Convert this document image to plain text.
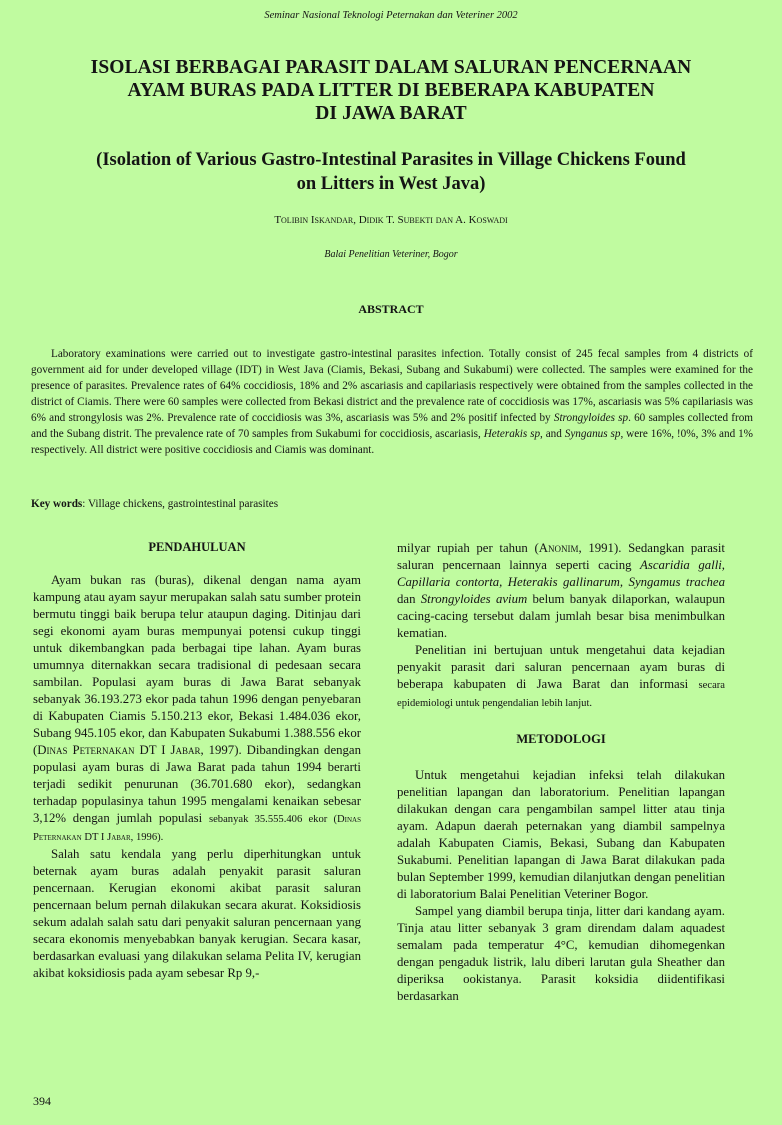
Seminar Nasional Teknologi Peternakan dan Veteriner 2002
ISOLASI BERBAGAI PARASIT DALAM SALURAN PENCERNAAN
AYAM BURAS PADA LITTER DI BEBERAPA KABUPATEN
DI JAWA BARAT
(Isolation of Various Gastro-Intestinal Parasites in Village Chickens Found
on Litters in West Java)
Tolibin Iskandar, Didik T. Subekti dan A. Koswadi
Balai Penelitian Veteriner, Bogor
ABSTRACT

Laboratory examinations were carried out to investigate gastro-intestinal parasites infection. Totally consist of 245 fecal samples from 4 districts of government aid for under developed village (IDT) in West Java (Ciamis, Bekasi, Subang and Sukabumi) were collected. The samples were examined for the presence of parasites. Prevalence rates of 64% coccidiosis, 18% and 2% ascariasis and capilariasis respectively were obtained from the samples collected in the district of Ciamis. There were 60 samples were collected from Bekasi district and the prevalence rate of coccidiosis was 17%, ascariasis was 5% capilariasis was 6% and strongylosis was 2%. Prevalence rate of coccidiosis was 3%, ascariasis was 5% and 2% positif infected by Strongyloides sp. 60 samples collected from and the Subang distrit. The prevalence rate of 70 samples from Sukabumi for coccidiosis, ascariasis, Heterakis sp, and Synganus sp, were 16%, !0%, 3% and 1% respectively. All district were positive coccidiosis and Ciamis was dominant.

Key words: Village chickens, gastrointestinal parasites

PENDAHULUAN

Ayam bukan ras (buras), dikenal dengan nama ayam kampung atau ayam sayur merupakan salah satu sumber protein bermutu tinggi baik berupa telur ataupun daging. Ditinjau dari segi ekonomi ayam buras mempunyai potensi cukup tinggi untuk dikembangkan pada berbagai tipe lahan. Ayam buras umumnya diternakkan secara tradisional di pedesaan secara sambilan. Populasi ayam buras di Jawa Barat sebanyak sebanyak 36.193.273 ekor pada tahun 1996 dengan penyebaran di Kabupaten Ciamis 5.150.213 ekor, Bekasi 1.484.036 ekor, Subang 945.105 ekor, dan Kabupaten Sukabumi 1.388.556 ekor (Dinas Peternakan DT I Jabar, 1997). Dibandingkan dengan populasi ayam buras di Jawa Barat pada tahun 1994 berarti terjadi sedikit penurunan (36.701.680 ekor), sedangkan terhadap populasinya tahun 1995 mengalami kenaikan sebesar 3,12% dengan jumlah populasi sebanyak 35.555.406 ekor (Dinas Peternakan DT I Jabar, 1996).

Salah satu kendala yang perlu diperhitungkan untuk beternak ayam buras adalah penyakit parasit saluran pencernaan. Kerugian ekonomi akibat parasit saluran pencernaan belum pernah dilakukan secara akurat. Koksidiosis sekum adalah salah satu dari penyakit saluran pencernaan yang secara ekonomis menyebabkan banyak kerugian. Secara kasar, berdasarkan evaluasi yang dilakukan selama Pelita IV, kerugian akibat koksidiosis pada ayam sebesar Rp 9,-

milyar rupiah per tahun (Anonim, 1991). Sedangkan parasit saluran pencernaan lainnya seperti cacing Ascaridia galli, Capillaria contorta, Heterakis gallinarum, Syngamus trachea dan Strongyloides avium belum banyak dilaporkan, walaupun cacing-cacing tersebut dalam jumlah besar bisa menimbulkan kematian.

Penelitian ini bertujuan untuk mengetahui data kejadian penyakit parasit dari saluran pencernaan ayam buras di beberapa kabupaten di Jawa Barat dan informasi secara epidemiologi untuk pengendalian lebih lanjut.

METODOLOGI

Untuk mengetahui kejadian infeksi telah dilakukan penelitian lapangan dan laboratorium. Penelitian lapangan dilakukan dengan cara pengambilan sampel litter atau tinja ayam. Adapun daerah peternakan yang diambil sampelnya adalah Kabupaten Ciamis, Bekasi, Subang dan Kabupaten Sukabumi. Penelitian lapangan di Jawa Barat dilakukan pada bulan September 1999, kemudian dilanjutkan dengan penelitian di laboratorium Balai Penelitian Veteriner Bogor.

Sampel yang diambil berupa tinja, litter dari kandang ayam. Tinja atau litter sebanyak 3 gram direndam dalam aquadest semalam pada temperatur 4°C, kemudian dihomegenkan dengan pengaduk listrik, lalu diberi larutan gula Sheather dan diperiksa ookistanya. Parasit koksidia diidentifikasi berdasarkan

394
